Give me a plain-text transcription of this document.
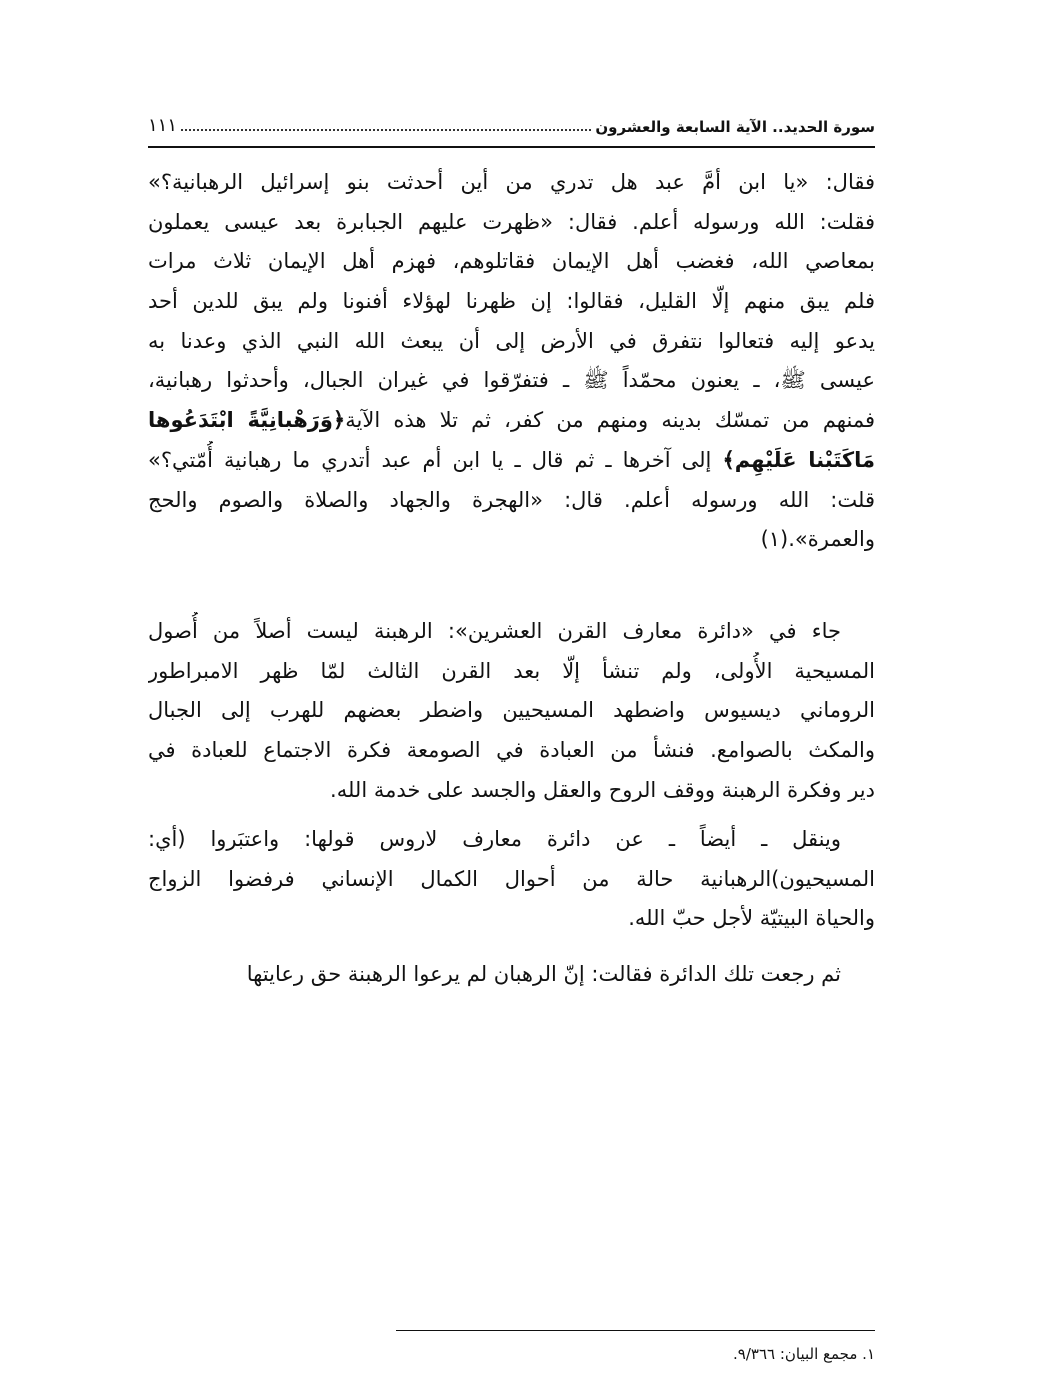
سورة الحديد.. الآية السابعة والعشرون
١١١
فقال: «يا ابن أمَّ عبد هل تدري من أين أحدثت بنو إسرائيل الرهبانية؟»
فقلت: الله ورسوله أعلم. فقال: «ظهرت عليهم الجبابرة بعد عيسى يعملون
بمعاصي الله، فغضب أهل الإيمان فقاتلوهم، فهزم أهل الإيمان ثلاث مرات
فلم يبق منهم إلّا القليل، فقالوا: إن ظهرنا لهؤلاء أفنونا ولم يبق للدين أحد
يدعو إليه فتعالوا نتفرق في الأرض إلى أن يبعث الله النبي الذي وعدنا به
عيسى ﷺ، ـ يعنون محمّداً ﷺ ـ فتفرّقوا في غيران الجبال، وأحدثوا رهبانية،
فمنهم من تمسّك بدينه ومنهم من كفر، ثم تلا هذه الآية﴿وَرَهْبانِيَّةً ابْتَدَعُوها
مَاكَتَبْنا عَلَيْهِم﴾ إلى آخرها ـ ثم قال ـ يا ابن أم عبد أتدري ما رهبانية أُمّتي؟»
قلت: الله ورسوله أعلم. قال: «الهجرة والجهاد والصلاة والصوم والحج
والعمرة».(١)
جاء في «دائرة معارف القرن العشرين»: الرهبنة ليست أصلاً من أُصول
المسيحية الأُولى، ولم تنشأ إلّا بعد القرن الثالث لمّا ظهر الامبراطور
الروماني ديسيوس واضطهد المسيحيين واضطر بعضهم للهرب إلى الجبال
والمكث بالصوامع. فنشأ من العبادة في الصومعة فكرة الاجتماع للعبادة في
دير وفكرة الرهبنة ووقف الروح والعقل والجسد على خدمة الله.
وينقل ـ أيضاً ـ عن دائرة معارف لاروس قولها: واعتبَروا (أي:
المسيحيون)الرهبانية حالة من أحوال الكمال الإنساني فرفضوا الزواج
والحياة البيتيّة لأجل حبّ الله.
ثم رجعت تلك الدائرة فقالت: إنّ الرهبان لم يرعوا الرهبنة حق رعايتها
١. مجمع البيان: ٩/٣٦٦.
